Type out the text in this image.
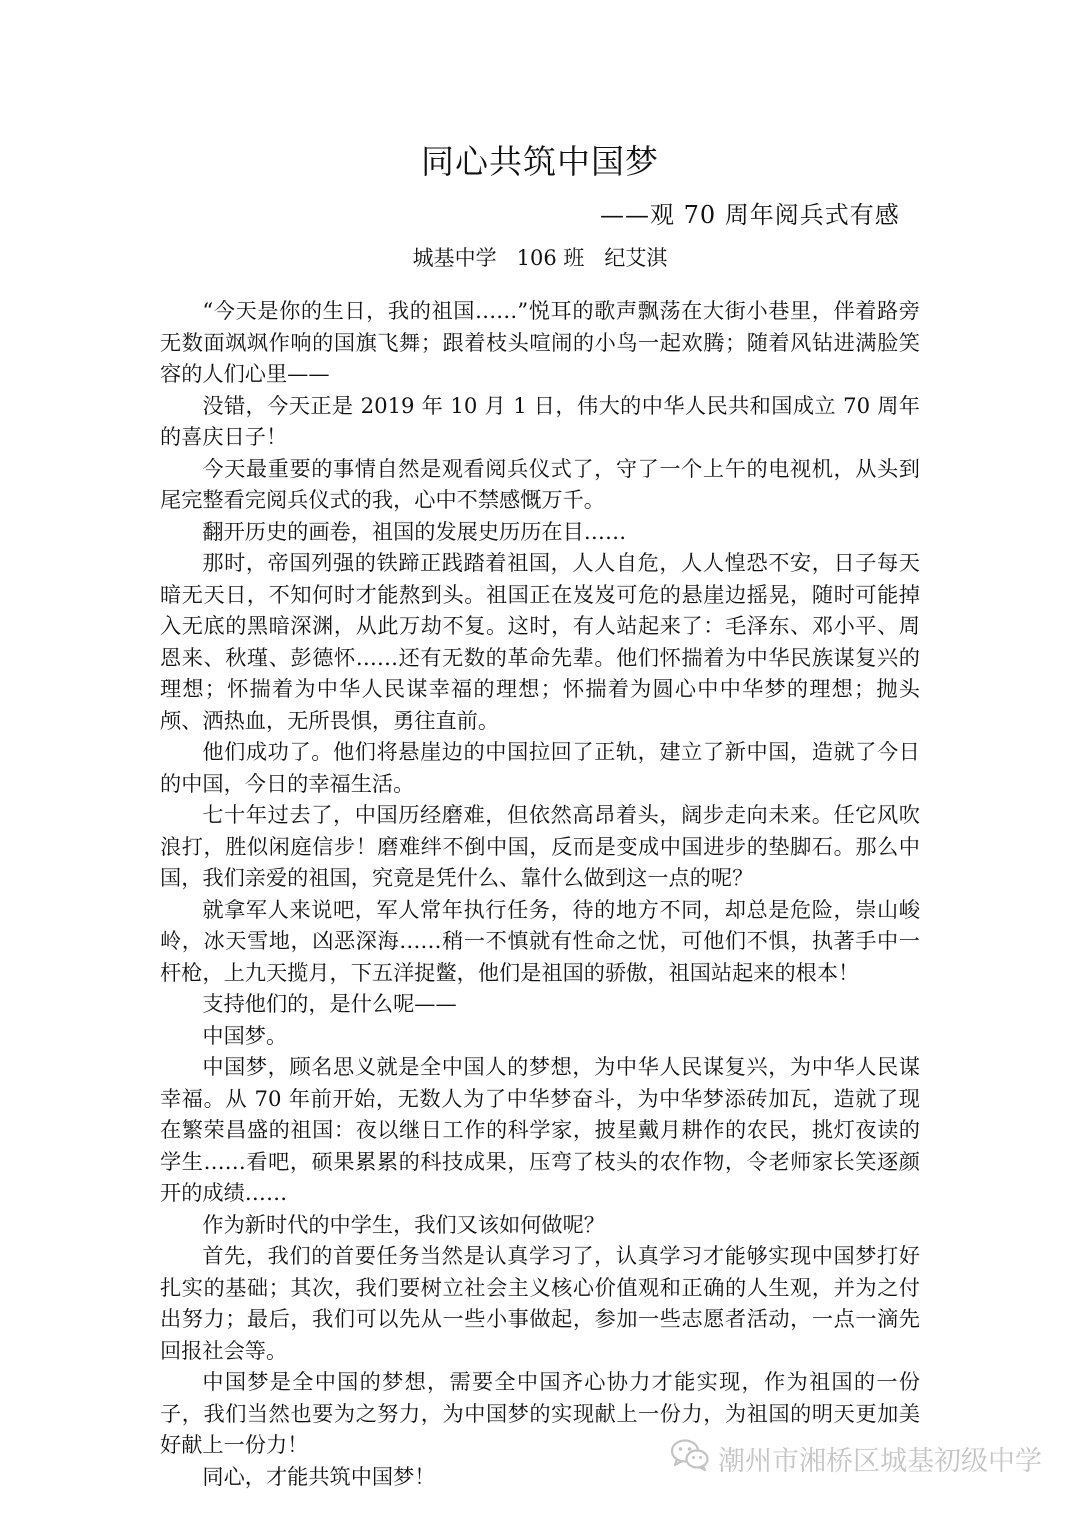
同心共筑中国梦
——观 70 周年阅兵式有感
城基中学   106 班   纪艾淇

“今天是你的生日，我的祖国……”悦耳的歌声飘荡在大街小巷里，伴着路旁无数面飒飒作响的国旗飞舞；跟着枝头喧闹的小鸟一起欢腾；随着风钻进满脸笑容的人们心里——

没错，今天正是 2019 年 10 月 1 日，伟大的中华人民共和国成立 70 周年的喜庆日子！

今天最重要的事情自然是观看阅兵仪式了，守了一个上午的电视机，从头到尾完整看完阅兵仪式的我，心中不禁感慨万千。

翻开历史的画卷，祖国的发展史历历在目……

那时，帝国列强的铁蹄正践踏着祖国，人人自危，人人惶恐不安，日子每天暗无天日，不知何时才能熬到头。祖国正在岌岌可危的悬崖边摇晃，随时可能掉入无底的黑暗深渊，从此万劫不复。这时，有人站起来了：毛泽东、邓小平、周恩来、秋瑾、彭德怀……还有无数的革命先辈。他们怀揣着为中华民族谋复兴的理想；怀揣着为中华人民谋幸福的理想；怀揣着为圆心中中华梦的理想；抛头颅、洒热血，无所畏惧，勇往直前。

他们成功了。他们将悬崖边的中国拉回了正轨，建立了新中国，造就了今日的中国，今日的幸福生活。

七十年过去了，中国历经磨难，但依然高昂着头，阔步走向未来。任它风吹浪打，胜似闲庭信步！磨难绊不倒中国，反而是变成中国进步的垫脚石。那么中国，我们亲爱的祖国，究竟是凭什么、靠什么做到这一点的呢？

就拿军人来说吧，军人常年执行任务，待的地方不同，却总是危险，崇山峻岭，冰天雪地，凶恶深海……稍一不慎就有性命之忧，可他们不惧，执著手中一杆枪，上九天揽月，下五洋捉鳖，他们是祖国的骄傲，祖国站起来的根本！

支持他们的，是什么呢——

中国梦。

中国梦，顾名思义就是全中国人的梦想，为中华人民谋复兴，为中华人民谋幸福。从 70 年前开始，无数人为了中华梦奋斗，为中华梦添砖加瓦，造就了现在繁荣昌盛的祖国：夜以继日工作的科学家，披星戴月耕作的农民，挑灯夜读的学生……看吧，硕果累累的科技成果，压弯了枝头的农作物，令老师家长笑逐颜开的成绩……

作为新时代的中学生，我们又该如何做呢？

首先，我们的首要任务当然是认真学习了，认真学习才能够实现中国梦打好扎实的基础；其次，我们要树立社会主义核心价值观和正确的人生观，并为之付出努力；最后，我们可以先从一些小事做起，参加一些志愿者活动，一点一滴先回报社会等。

中国梦是全中国的梦想，需要全中国齐心协力才能实现，作为祖国的一份子，我们当然也要为之努力，为中国梦的实现献上一份力，为祖国的明天更加美好献上一份力！

同心，才能共筑中国梦！	潮州市湘桥区城基初级中学
